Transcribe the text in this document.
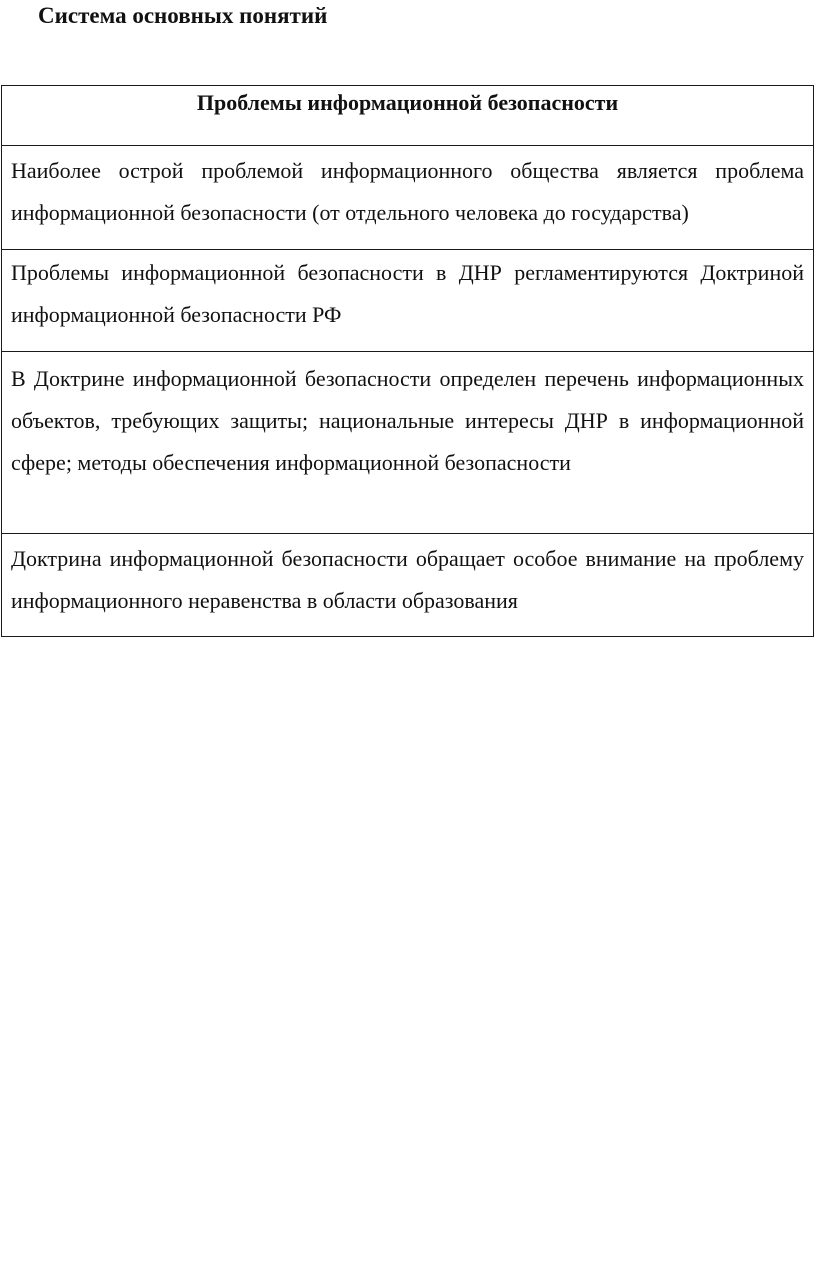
Система основных понятий
Проблемы информационной безопасности
Наиболее острой проблемой информационного общества является проблема информационной безопасности (от отдельного человека до государства)
Проблемы информационной безопасности в ДНР регламентируются Доктриной информационной безопасности РФ
В Доктрине информационной безопасности определен перечень информационных объектов, требующих защиты; национальные интересы ДНР в информационной сфере; методы обеспечения информационной безопасности
Доктрина информационной безопасности обращает особое внимание на проблему информационного неравенства в области образования
